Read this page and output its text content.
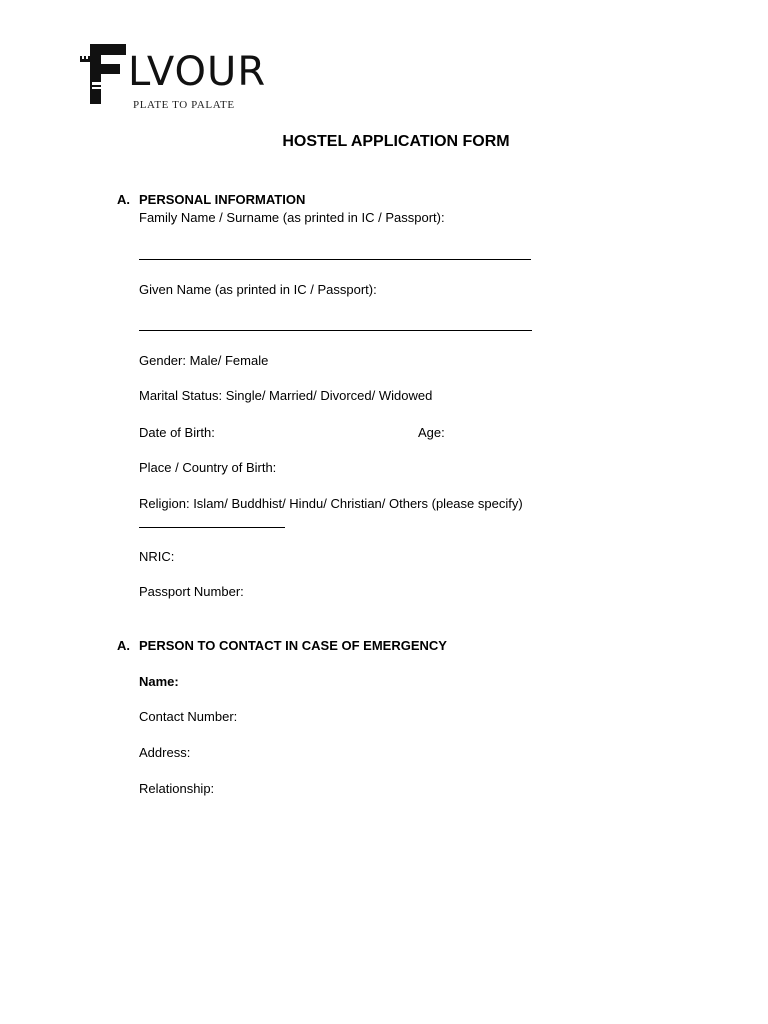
LVOUR
PLATE TO PALATE
HOSTEL APPLICATION FORM
A. PERSONAL INFORMATION
Family Name / Surname (as printed in IC / Passport):
Given Name (as printed in IC / Passport):
Gender: Male/ Female
Marital Status: Single/ Married/ Divorced/ Widowed
Date of Birth:	Age:
Place / Country of Birth:
Religion: Islam/ Buddhist/ Hindu/ Christian/ Others (please specify)
NRIC:
Passport Number:
A. PERSON TO CONTACT IN CASE OF EMERGENCY
Name:
Contact Number:
Address:
Relationship:
